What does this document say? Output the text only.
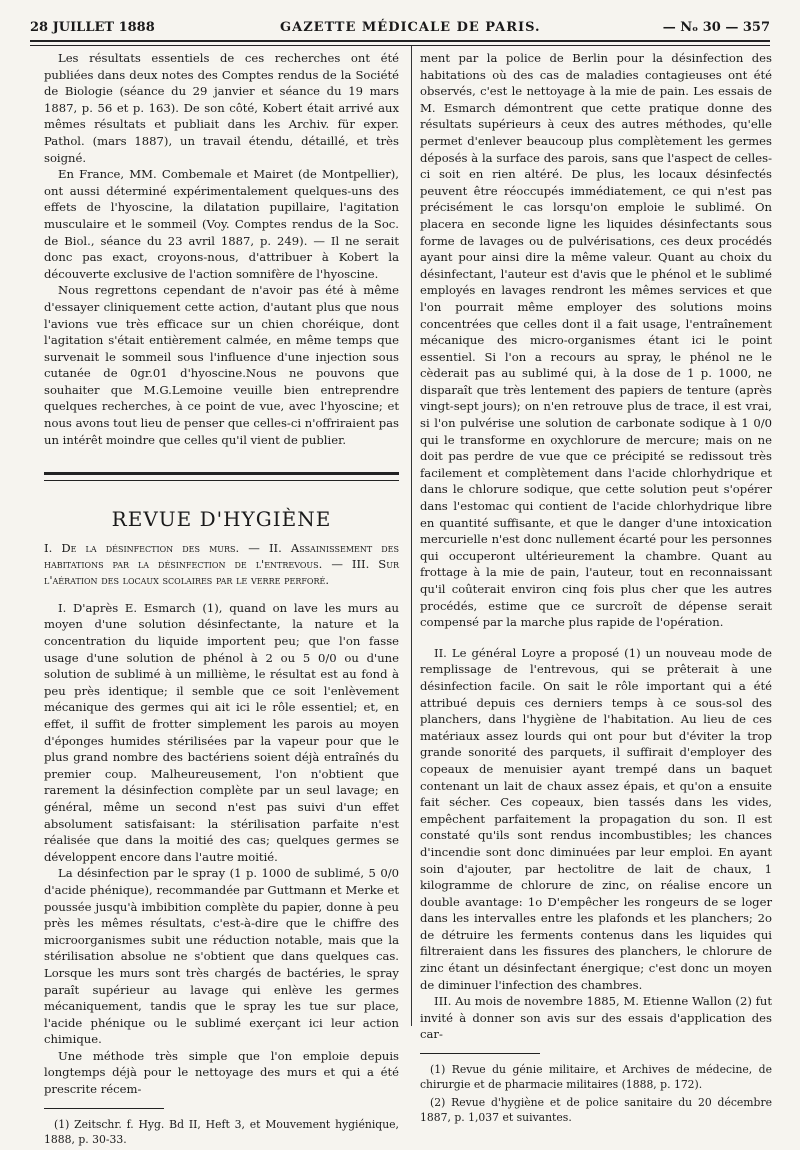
28 JUILLET 1888	GAZETTE MÉDICALE DE PARIS.	— Nₒ 30 — 357

Les résultats essentiels de ces recherches ont été publiées dans deux notes des Comptes rendus de la Société de Biologie (séance du 29 janvier et séance du 19 mars 1887, p. 56 et p. 163). De son côté, Kobert était arrivé aux mêmes résultats et publiait dans les Archiv. für exper. Pathol. (mars 1887), un travail étendu, détaillé, et très soigné.

En France, MM. Combemale et Mairet (de Montpellier), ont aussi déterminé expérimentalement quelques-uns des effets de l'hyoscine, la dilatation pupillaire, l'agitation musculaire et le sommeil (Voy. Comptes rendus de la Soc. de Biol., séance du 23 avril 1887, p. 249). — Il ne serait donc pas exact, croyons-nous, d'attribuer à Kobert la découverte exclusive de l'action somnifère de l'hyoscine.

Nous regrettons cependant de n'avoir pas été à même d'essayer cliniquement cette action, d'autant plus que nous l'avions vue très efficace sur un chien choréique, dont l'agitation s'était entièrement calmée, en même temps que survenait le sommeil sous l'influence d'une injection sous cutanée de 0gr.01 d'hyoscine.Nous ne pouvons que souhaiter que M.G.Lemoine veuille bien entreprendre quelques recherches, à ce point de vue, avec l'hyoscine; et nous avons tout lieu de penser que celles-ci n'offriraient pas un intérêt moindre que celles qu'il vient de publier.

REVUE D'HYGIÈNE
I. De la désinfection des murs. — II. Assainissement des habitations par la désinfection de l'entrevous. — III. Sur l'aération des locaux scolaires par le verre perforé.

I. D'après E. Esmarch (1), quand on lave les murs au moyen d'une solution désinfectante, la nature et la concentration du liquide importent peu; que l'on fasse usage d'une solution de phénol à 2 ou 5 0/0 ou d'une solution de sublimé à un millième, le résultat est au fond à peu près identique; il semble que ce soit l'enlèvement mécanique des germes qui ait ici le rôle essentiel; et, en effet, il suffit de frotter simplement les parois au moyen d'éponges humides stérilisées par la vapeur pour que le plus grand nombre des bactériens soient déjà entraînés du premier coup. Malheureusement, l'on n'obtient que rarement la désinfection complète par un seul lavage; en général, même un second n'est pas suivi d'un effet absolument satisfaisant: la stérilisation parfaite n'est réalisée que dans la moitié des cas; quelques germes se développent encore dans l'autre moitié.

La désinfection par le spray (1 p. 1000 de sublimé, 5 0/0 d'acide phénique), recommandée par Guttmann et Merke et poussée jusqu'à imbibition complète du papier, donne à peu près les mêmes résultats, c'est-à-dire que le chiffre des microorganismes subit une réduction notable, mais que la stérilisation absolue ne s'obtient que dans quelques cas. Lorsque les murs sont très chargés de bactéries, le spray paraît supérieur au lavage qui enlève les germes mécaniquement, tandis que le spray les tue sur place, l'acide phénique ou le sublimé exerçant ici leur action chimique.

Une méthode très simple que l'on emploie depuis longtemps déjà pour le nettoyage des murs et qui a été prescrite récem-

(1) Zeitschr. f. Hyg. Bd II, Heft 3, et Mouvement hygiénique, 1888, p. 30-33.

ment par la police de Berlin pour la désinfection des habitations où des cas de maladies contagieuses ont été observés, c'est le nettoyage à la mie de pain. Les essais de M. Esmarch démontrent que cette pratique donne des résultats supérieurs à ceux des autres méthodes, qu'elle permet d'enlever beaucoup plus complètement les germes déposés à la surface des parois, sans que l'aspect de celles-ci soit en rien altéré. De plus, les locaux désinfectés peuvent être réoccupés immédiatement, ce qui n'est pas précisément le cas lorsqu'on emploie le sublimé. On placera en seconde ligne les liquides désinfectants sous forme de lavages ou de pulvérisations, ces deux procédés ayant pour ainsi dire la même valeur. Quant au choix du désinfectant, l'auteur est d'avis que le phénol et le sublimé employés en lavages rendront les mêmes services et que l'on pourrait même employer des solutions moins concentrées que celles dont il a fait usage, l'entraînement mécanique des micro-organismes étant ici le point essentiel. Si l'on a recours au spray, le phénol ne le cèderait pas au sublimé qui, à la dose de 1 p. 1000, ne disparaît que très lentement des papiers de tenture (après vingt-sept jours); on n'en retrouve plus de trace, il est vrai, si l'on pulvérise une solution de carbonate sodique à 1 0/0 qui le transforme en oxychlorure de mercure; mais on ne doit pas perdre de vue que ce précipité se redissout très facilement et complètement dans l'acide chlorhydrique et dans le chlorure sodique, que cette solution peut s'opérer dans l'estomac qui contient de l'acide chlorhydrique libre en quantité suffisante, et que le danger d'une intoxication mercurielle n'est donc nullement écarté pour les personnes qui occuperont ultérieurement la chambre. Quant au frottage à la mie de pain, l'auteur, tout en reconnaissant qu'il coûterait environ cinq fois plus cher que les autres procédés, estime que ce surcroît de dépense serait compensé par la marche plus rapide de l'opération.

II. Le général Loyre a proposé (1) un nouveau mode de remplissage de l'entrevous, qui se prêterait à une désinfection facile. On sait le rôle important qui a été attribué depuis ces derniers temps à ce sous-sol des planchers, dans l'hygiène de l'habitation. Au lieu de ces matériaux assez lourds qui ont pour but d'éviter la trop grande sonorité des parquets, il suffirait d'employer des copeaux de menuisier ayant trempé dans un baquet contenant un lait de chaux assez épais, et qu'on a ensuite fait sécher. Ces copeaux, bien tassés dans les vides, empêchent parfaitement la propagation du son. Il est constaté qu'ils sont rendus incombustibles; les chances d'incendie sont donc diminuées par leur emploi. En ayant soin d'ajouter, par hectolitre de lait de chaux, 1 kilogramme de chlorure de zinc, on réalise encore un double avantage: 1o D'empêcher les rongeurs de se loger dans les intervalles entre les plafonds et les planchers; 2o de détruire les ferments contenus dans les liquides qui filtreraient dans les fissures des planchers, le chlorure de zinc étant un désinfectant énergique; c'est donc un moyen de diminuer l'infection des chambres.

III. Au mois de novembre 1885, M. Etienne Wallon (2) fut invité à donner son avis sur des essais d'application des car-

(1) Revue du génie militaire, et Archives de médecine, de chirurgie et de pharmacie militaires (1888, p. 172).

(2) Revue d'hygiène et de police sanitaire du 20 décembre 1887, p. 1,037 et suivantes.
